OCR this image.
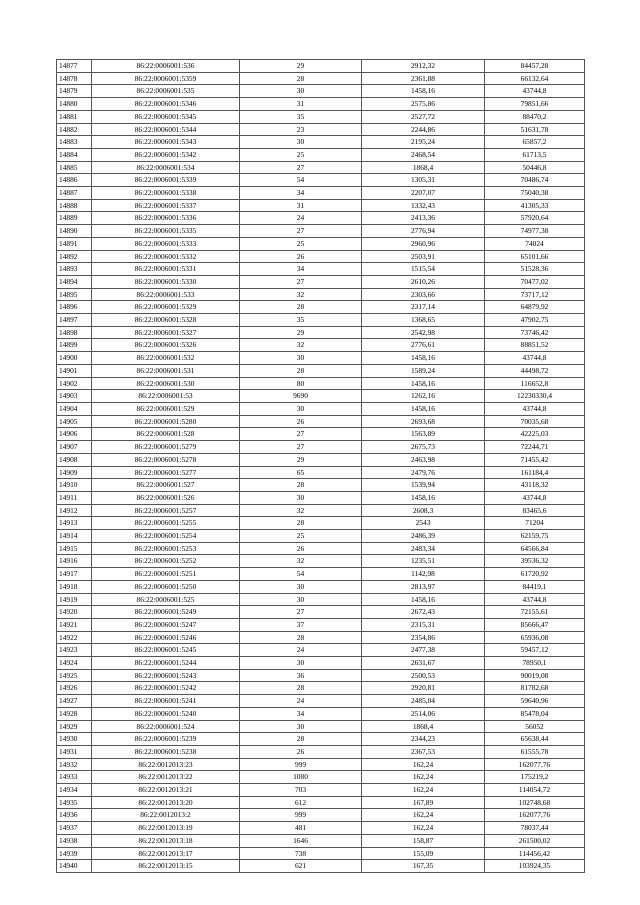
14877	86:22:0006001:536	29	2912,32	84457,28
14878	86:22:0006001:5359	28	2361,88	66132,64
14879	86:22:0006001:535	30	1458,16	43744,8
14880	86:22:0006001:5346	31	2575,86	79851,66
14881	86:22:0006001:5345	35	2527,72	88470,2
14882	86:22:0006001:5344	23	2244,86	51631,78
14883	86:22:0006001:5343	30	2195,24	65857,2
14884	86:22:0006001:5342	25	2468,54	61713,5
14885	86:22:0006001:534	27	1868,4	50446,8
14886	86:22:0006001:5339	54	1305,31	70486,74
14887	86:22:0006001:5338	34	2207,07	75040,38
14888	86:22:0006001:5337	31	1332,43	41305,33
14889	86:22:0006001:5336	24	2413,36	57920,64
14890	86:22:0006001:5335	27	2776,94	74977,38
14891	86:22:0006001:5333	25	2960,96	74024
14892	86:22:0006001:5332	26	2503,91	65101,66
14893	86:22:0006001:5331	34	1515,54	51528,36
14894	86:22:0006001:5330	27	2610,26	70477,02
14895	86:22:0006001:533	32	2303,66	73717,12
14896	86:22:0006001:5329	28	2317,14	64879,92
14897	86:22:0006001:5328	35	1368,65	47902,75
14898	86:22:0006001:5327	29	2542,98	73746,42
14899	86:22:0006001:5326	32	2776,61	88851,52
14900	86:22:0006001:532	30	1458,16	43744,8
14901	86:22:0006001:531	28	1589,24	44498,72
14902	86:22:0006001:530	80	1458,16	116652,8
14903	86:22:0006001:53	9690	1262,16	12230330,4
14904	86:22:0006001:529	30	1458,16	43744,8
14905	86:22:0006001:5280	26	2693,68	70035,68
14906	86:22:0006001:528	27	1563,89	42225,03
14907	86:22:0006001:5279	27	2675,73	72244,71
14908	86:22:0006001:5278	29	2463,98	71455,42
14909	86:22:0006001:5277	65	2479,76	161184,4
14910	86:22:0006001:527	28	1539,94	43118,32
14911	86:22:0006001:526	30	1458,16	43744,8
14912	86:22:0006001:5257	32	2608,3	83465,6
14913	86:22:0006001:5255	28	2543	71204
14914	86:22:0006001:5254	25	2486,39	62159,75
14915	86:22:0006001:5253	26	2483,34	64566,84
14916	86:22:0006001:5252	32	1235,51	39536,32
14917	86:22:0006001:5251	54	1142,98	61720,92
14918	86:22:0006001:5250	30	2813,97	84419,1
14919	86:22:0006001:525	30	1458,16	43744,8
14920	86:22:0006001:5249	27	2672,43	72155,61
14921	86:22:0006001:5247	37	2315,31	85666,47
14922	86:22:0006001:5246	28	2354,86	65936,08
14923	86:22:0006001:5245	24	2477,38	59457,12
14924	86:22:0006001:5244	30	2631,67	78950,1
14925	86:22:0006001:5243	36	2500,53	90019,08
14926	86:22:0006001:5242	28	2920,81	81782,68
14927	86:22:0006001:5241	24	2485,04	59640,96
14928	86:22:0006001:5240	34	2514,06	85478,04
14929	86:22:0006001:524	30	1868,4	56052
14930	86:22:0006001:5239	28	2344,23	65638,44
14931	86:22:0006001:5238	26	2367,53	61555,78
14932	86:22:0012013:23	999	162,24	162077,76
14933	86:22:0012013:22	1080	162,24	175219,2
14934	86:22:0012013:21	703	162,24	114054,72
14935	86:22:0012013:20	612	167,89	102748,68
14936	86:22:0012013:2	999	162,24	162077,76
14937	86:22:0012013:19	481	162,24	78037,44
14938	86:22:0012013:18	1646	158,87	261500,02
14939	86:22:0012013:17	738	155,09	114456,42
14940	86:22:0012013:15	621	167,35	103924,35
